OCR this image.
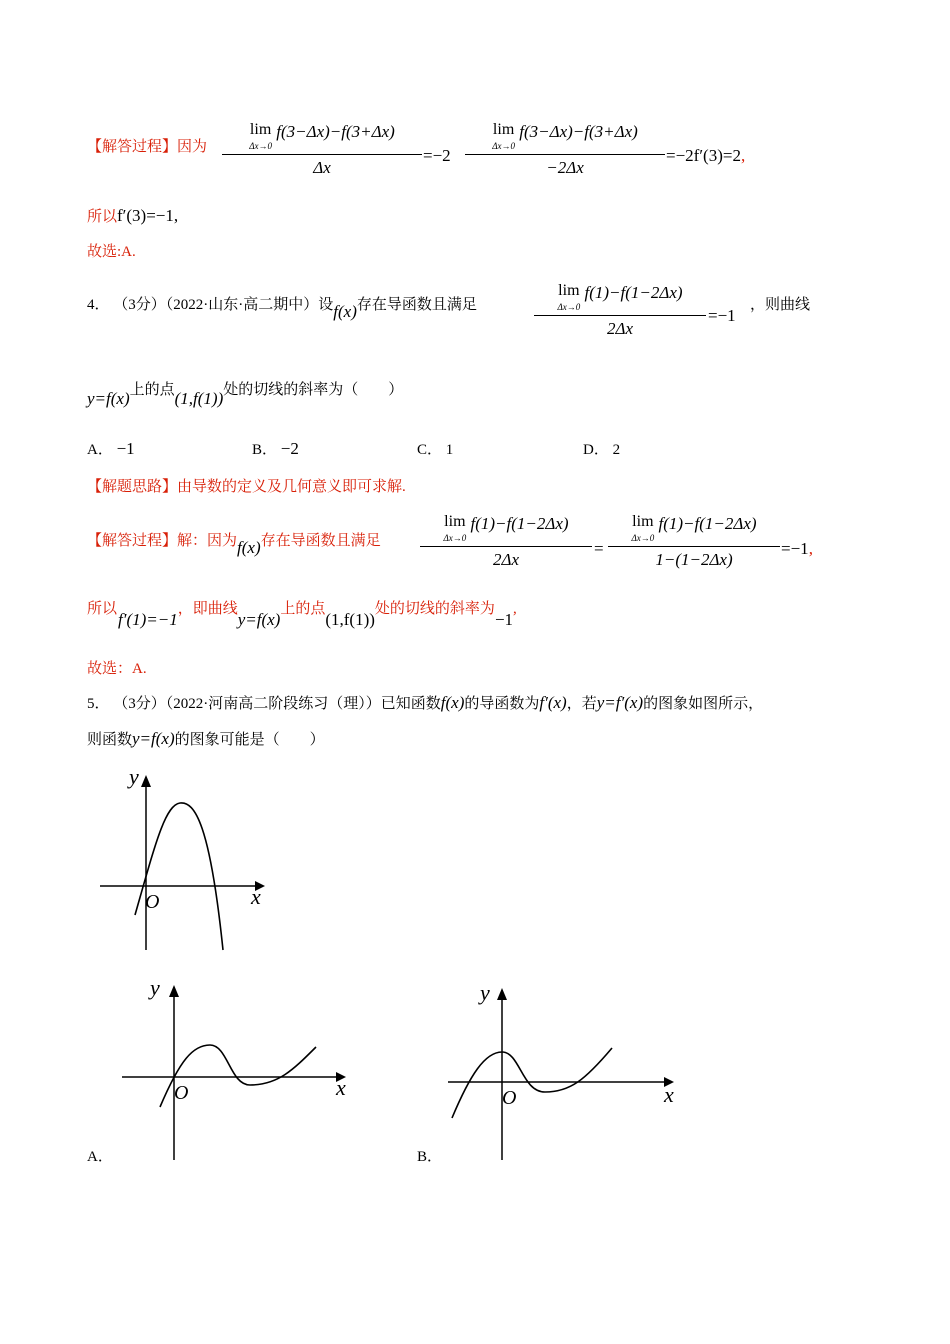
【解答过程】因为
lim
Δx→0
f(3−Δx)−f(3+Δx)
Δx
=−2
lim
Δx→0
f(3−Δx)−f(3+Δx)
−2Δx
=−2f′(3)=2,
所以f′(3)=−1,
故选:A.
4． （3分）（2022·山东·高二期中）设f(x)存在导函数且满足
lim
Δx→0
f(1)−f(1−2Δx)
2Δx
=−1
，则曲线
y=f(x)上的点(1,f(1))处的切线的斜率为（　　）
A． −1	B． −2	C． 1	D． 2
【解题思路】由导数的定义及几何意义即可求解.
【解答过程】解：因为f(x)存在导函数且满足
lim
Δx→0
f(1)−f(1−2Δx)
2Δx
=
lim
Δx→0
f(1)−f(1−2Δx)
1−(1−2Δx)
=−1,
所以
f′(1)=−1，即曲线y=f(x)上的点(1,f(1))处的切线的斜率为−1,
故选：A.
5． （3分）（2022·河南高二阶段练习（理））已知函数f(x)的导函数为f′(x)，若y=f′(x)的图象如图所示，
则函数y=f(x)的图象可能是（　　）
y
x
O
y
x
O
A．
y
x
O
B．
